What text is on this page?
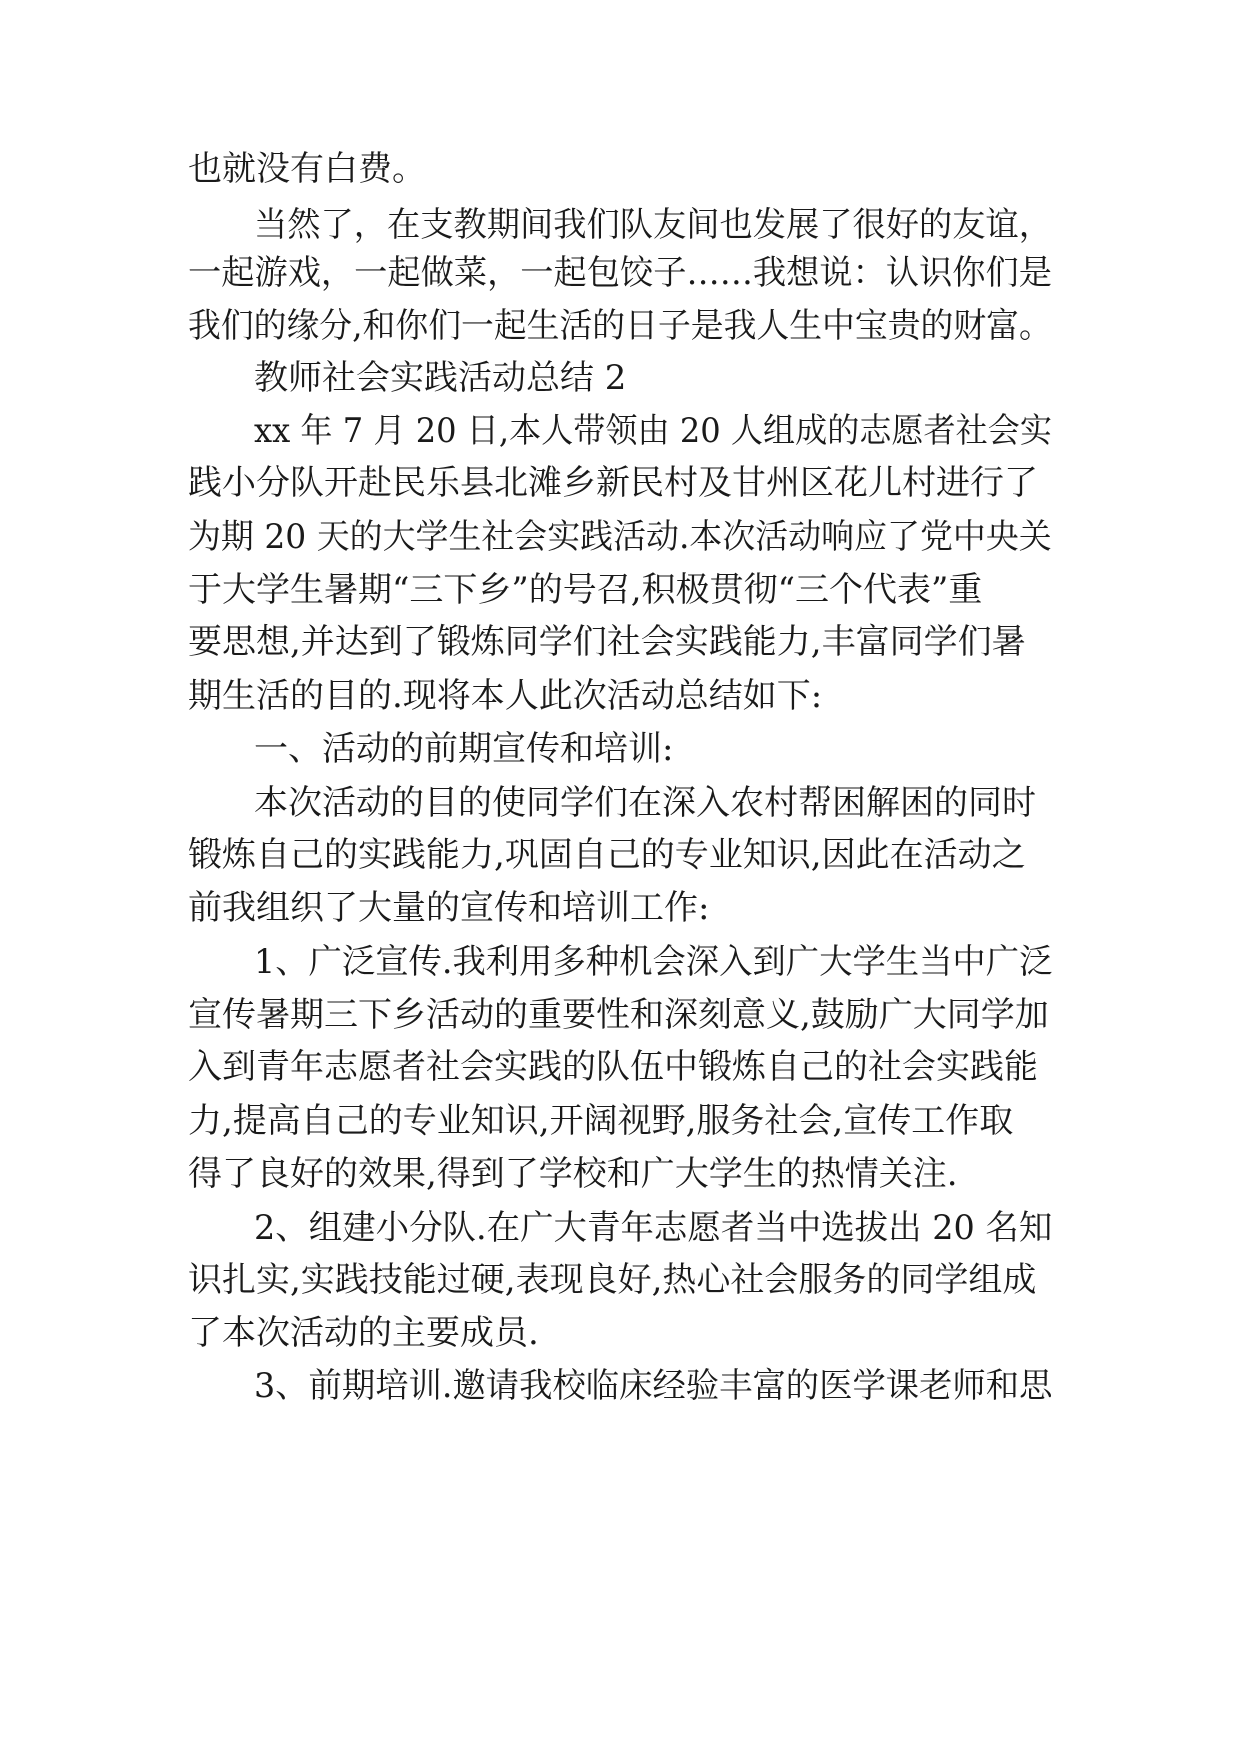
也就没有白费。
当然了，在支教期间我们队友间也发展了很好的友谊，
一起游戏，一起做菜，一起包饺子……我想说：认识你们是
我们的缘分,和你们一起生活的日子是我人生中宝贵的财富。
教师社会实践活动总结 2
xx 年 7 月 20 日,本人带领由 20 人组成的志愿者社会实
践小分队开赴民乐县北滩乡新民村及甘州区花儿村进行了
为期 20 天的大学生社会实践活动.本次活动响应了党中央关
于大学生暑期“三下乡”的号召,积极贯彻“三个代表”重
要思想,并达到了锻炼同学们社会实践能力,丰富同学们暑
期生活的目的.现将本人此次活动总结如下:
一、活动的前期宣传和培训:
本次活动的目的使同学们在深入农村帮困解困的同时
锻炼自己的实践能力,巩固自己的专业知识,因此在活动之
前我组织了大量的宣传和培训工作:
1、广泛宣传.我利用多种机会深入到广大学生当中广泛
宣传暑期三下乡活动的重要性和深刻意义,鼓励广大同学加
入到青年志愿者社会实践的队伍中锻炼自己的社会实践能
力,提高自己的专业知识,开阔视野,服务社会,宣传工作取
得了良好的效果,得到了学校和广大学生的热情关注.
2、组建小分队.在广大青年志愿者当中选拔出 20 名知
识扎实,实践技能过硬,表现良好,热心社会服务的同学组成
了本次活动的主要成员.
3、前期培训.邀请我校临床经验丰富的医学课老师和思
